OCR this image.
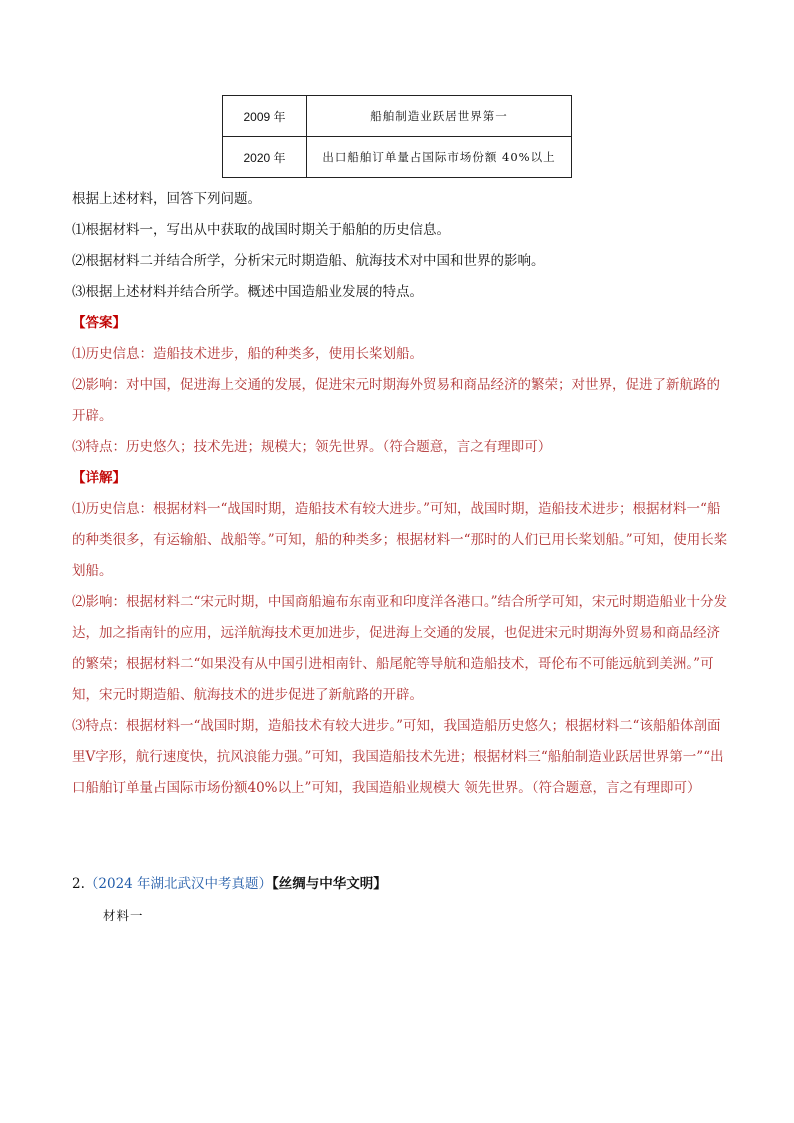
2009 年	船舶制造业跃居世界第一
2020 年	出口船舶订单量占国际市场份额 40%以上

根据上述材料，回答下列问题。

⑴根据材料一，写出从中获取的战国时期关于船舶的历史信息。

⑵根据材料二并结合所学，分析宋元时期造船、航海技术对中国和世界的影响。

⑶根据上述材料并结合所学。概述中国造船业发展的特点。

【答案】

⑴历史信息：造船技术进步，船的种类多，使用长桨划船。

⑵影响：对中国，促进海上交通的发展，促进宋元时期海外贸易和商品经济的繁荣；对世界，促进了新航路的开辟。

⑶特点：历史悠久；技术先进；规模大；领先世界。（符合题意，言之有理即可）

【详解】

⑴历史信息：根据材料一“战国时期，造船技术有较大进步。”可知，战国时期，造船技术进步；根据材料一“船的种类很多，有运输船、战船等。”可知，船的种类多；根据材料一“那时的人们已用长桨划船。”可知，使用长桨划船。

⑵影响：根据材料二“宋元时期，中国商船遍布东南亚和印度洋各港口。”结合所学可知，宋元时期造船业十分发达，加之指南针的应用，远洋航海技术更加进步，促进海上交通的发展，也促进宋元时期海外贸易和商品经济的繁荣；根据材料二“如果没有从中国引进相南针、船尾舵等导航和造船技术，哥伦布不可能远航到美洲。”可知，宋元时期造船、航海技术的进步促进了新航路的开辟。

⑶特点：根据材料一“战国时期，造船技术有较大进步。”可知，我国造船历史悠久；根据材料二“该船船体剖面里Ⅴ字形，航行速度快，抗风浪能力强。”可知，我国造船技术先进；根据材料三“船舶制造业跃居世界第一”“出口船舶订单量占国际市场份额40%以上”可知，我国造船业规模大 领先世界。（符合题意，言之有理即可）

2.（2024 年湖北武汉中考真题）【丝绸与中华文明】
材料一
